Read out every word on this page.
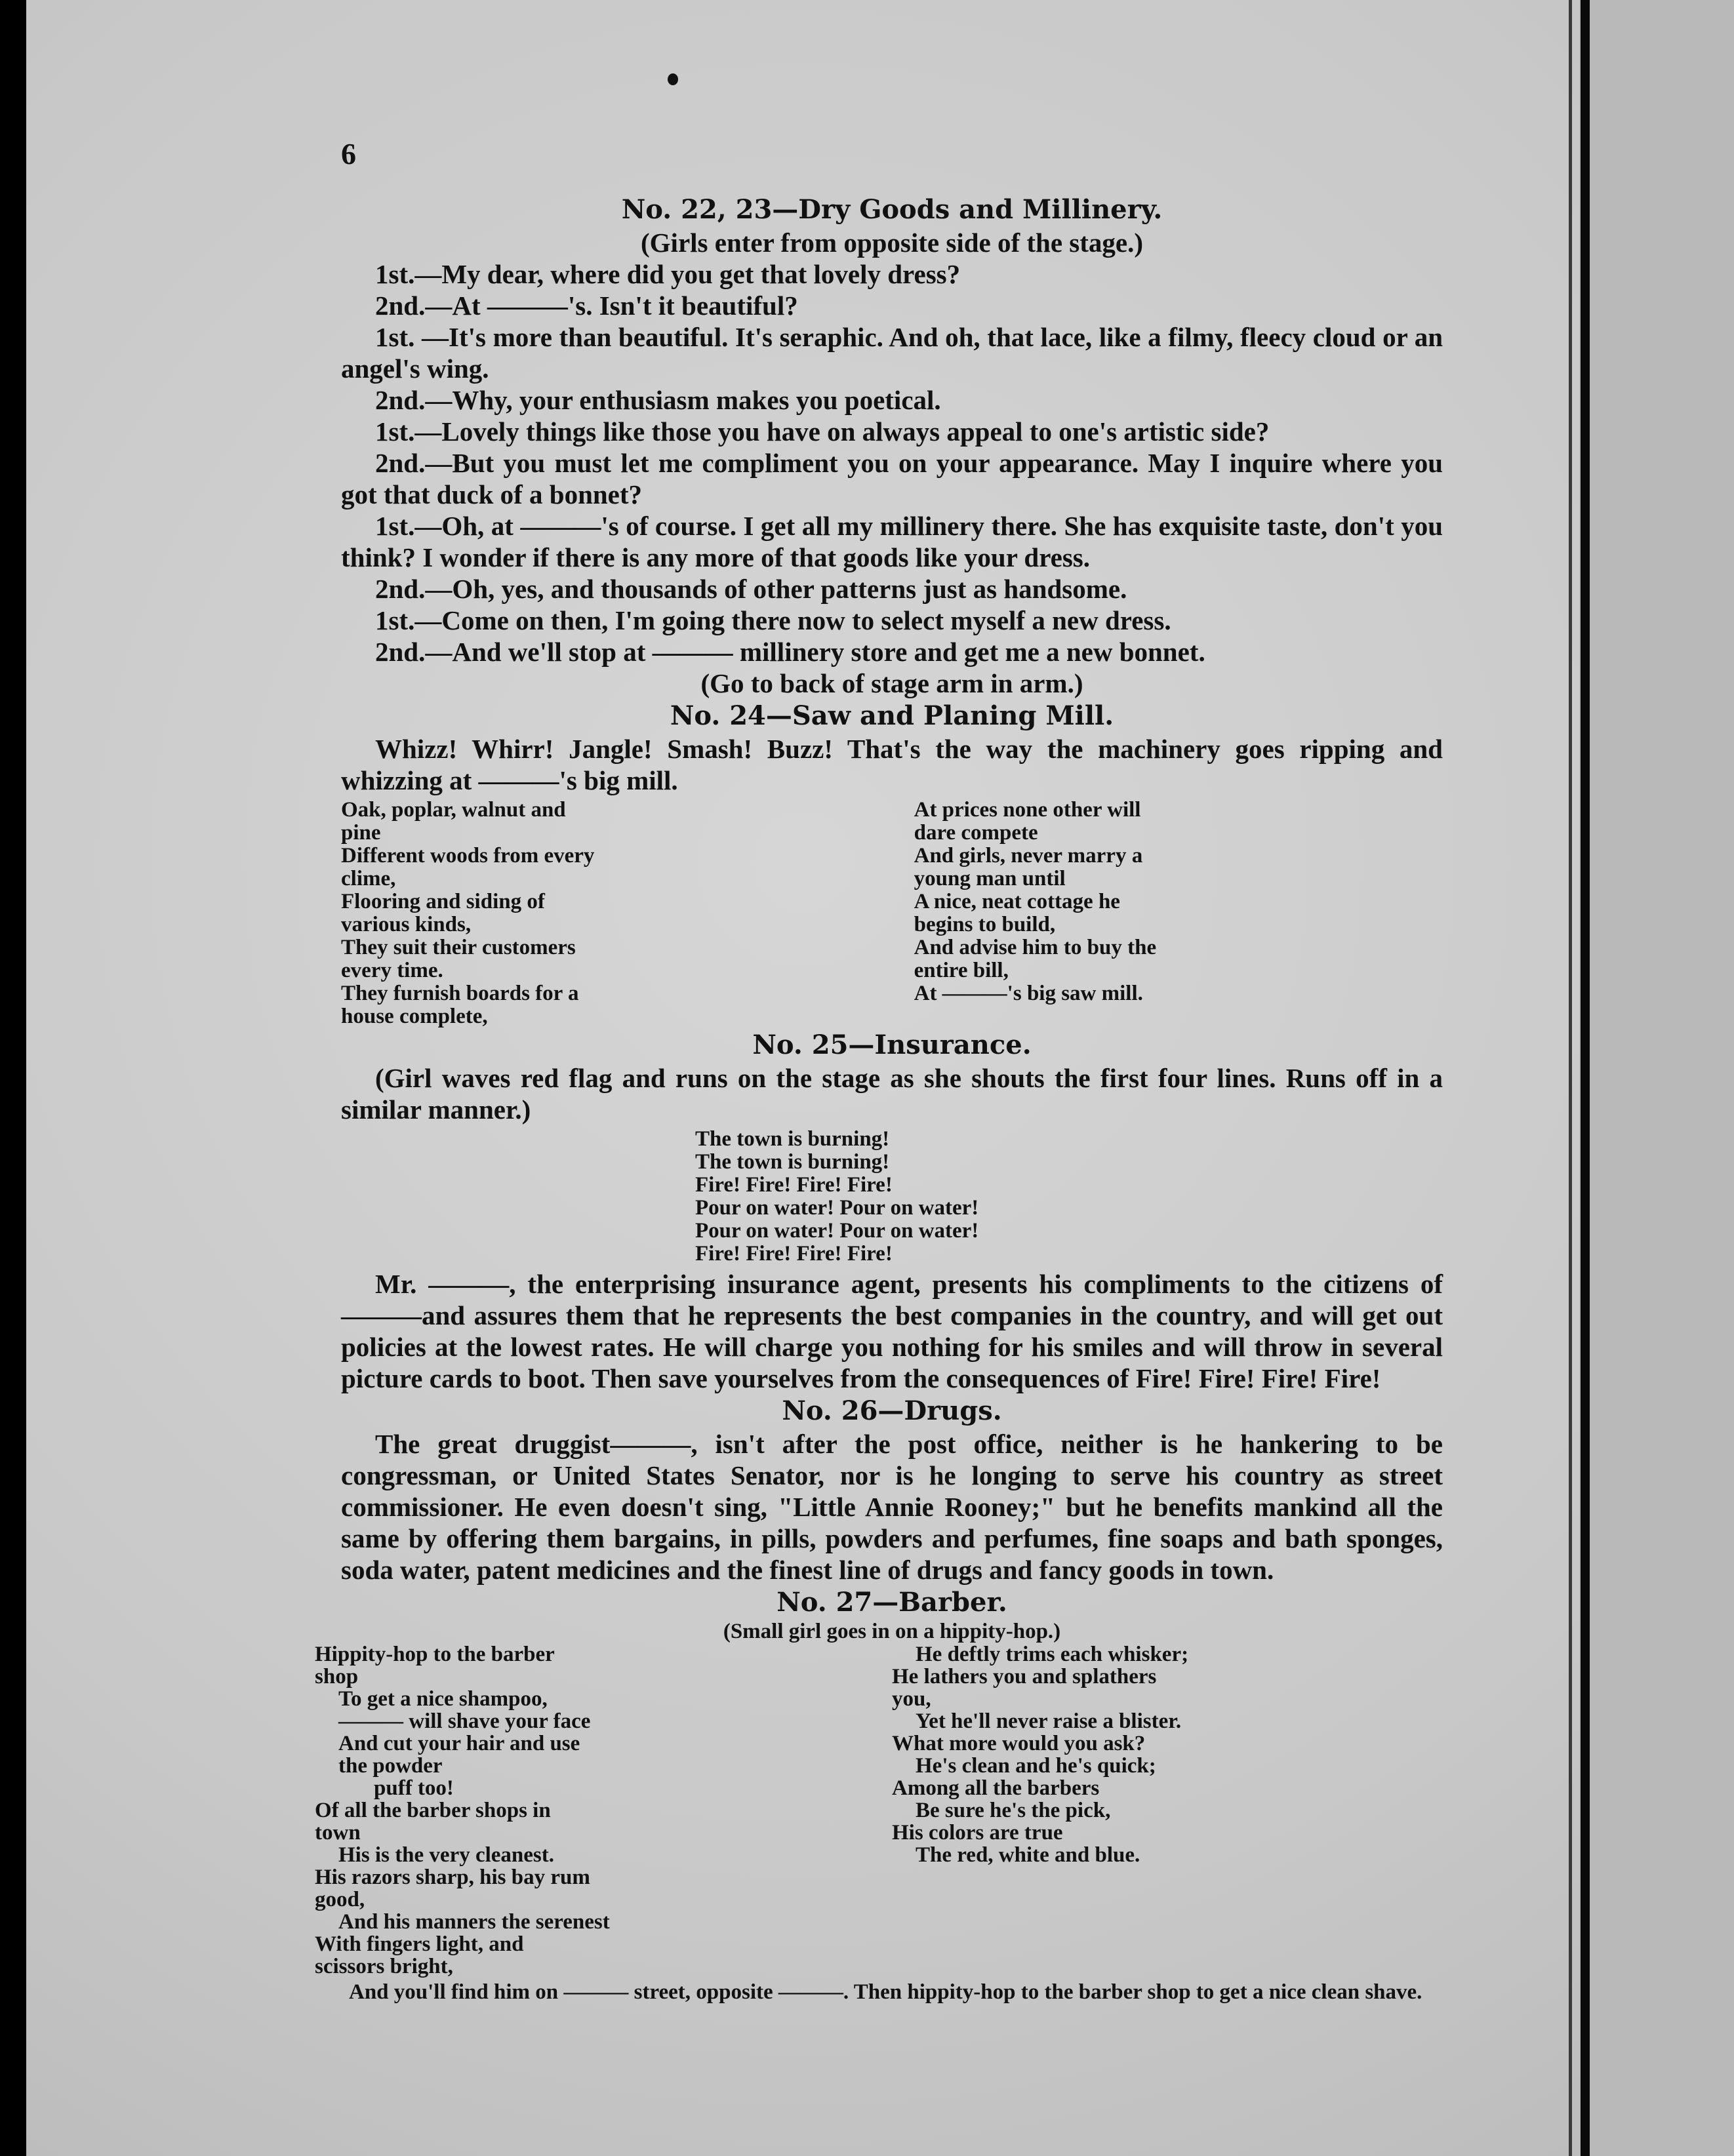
6
No. 22, 23—Dry Goods and Millinery.
(Girls enter from opposite side of the stage.)

1st.—My dear, where did you get that lovely dress?

2nd.—At ———'s. Isn't it beautiful?

1st. —It's more than beautiful. It's seraphic. And oh, that lace, like a filmy, fleecy cloud or an angel's wing.

2nd.—Why, your enthusiasm makes you poetical.

1st.—Lovely things like those you have on always appeal to one's artistic side?

2nd.—But you must let me compliment you on your appearance. May I inquire where you got that duck of a bonnet?

1st.—Oh, at ———'s of course. I get all my millinery there. She has exquisite taste, don't you think? I wonder if there is any more of that goods like your dress.

2nd.—Oh, yes, and thousands of other patterns just as handsome.

1st.—Come on then, I'm going there now to select myself a new dress.

2nd.—And we'll stop at ——— millinery store and get me a new bonnet.

(Go to back of stage arm in arm.)
No. 24—Saw and Planing Mill.

Whizz! Whirr! Jangle! Smash! Buzz! That's the way the machinery goes ripping and whizzing at ———'s big mill.

Oak, poplar, walnut and pine
Different woods from every clime,
Flooring and siding of various kinds,
They suit their customers every time.
They furnish boards for a house complete,
At prices none other will dare compete
And girls, never marry a young man until
A nice, neat cottage he begins to build,
And advise him to buy the entire bill,
At ———'s big saw mill.
No. 25—Insurance.

(Girl waves red flag and runs on the stage as she shouts the first four lines. Runs off in a similar manner.)

The town is burning!
The town is burning!
Fire! Fire! Fire! Fire!
Pour on water! Pour on water!
Pour on water! Pour on water!
Fire! Fire! Fire! Fire!

Mr. ———, the enterprising insurance agent, presents his compliments to the citizens of ———and assures them that he represents the best companies in the country, and will get out policies at the lowest rates. He will charge you nothing for his smiles and will throw in several picture cards to boot. Then save yourselves from the consequences of Fire! Fire! Fire! Fire!

No. 26—Drugs.

The great druggist———, isn't after the post office, neither is he hankering to be congressman, or United States Senator, nor is he longing to serve his country as street commissioner. He even doesn't sing, "Little Annie Rooney;" but he benefits mankind all the same by offering them bargains, in pills, powders and perfumes, fine soaps and bath sponges, soda water, patent medicines and the finest line of drugs and fancy goods in town.

No. 27—Barber.
(Small girl goes in on a hippity-hop.)
Hippity-hop to the barber shop
To get a nice shampoo,
——— will shave your face
And cut your hair and use the powder
puff too!
Of all the barber shops in town
His is the very cleanest.
His razors sharp, his bay rum good,
And his manners the serenest
With fingers light, and scissors bright,
He deftly trims each whisker;
He lathers you and splathers you,
Yet he'll never raise a blister.
What more would you ask?
He's clean and he's quick;
Among all the barbers
Be sure he's the pick,
His colors are true
The red, white and blue.

And you'll find him on ——— street, opposite ———. Then hippity-hop to the barber shop to get a nice clean shave.
